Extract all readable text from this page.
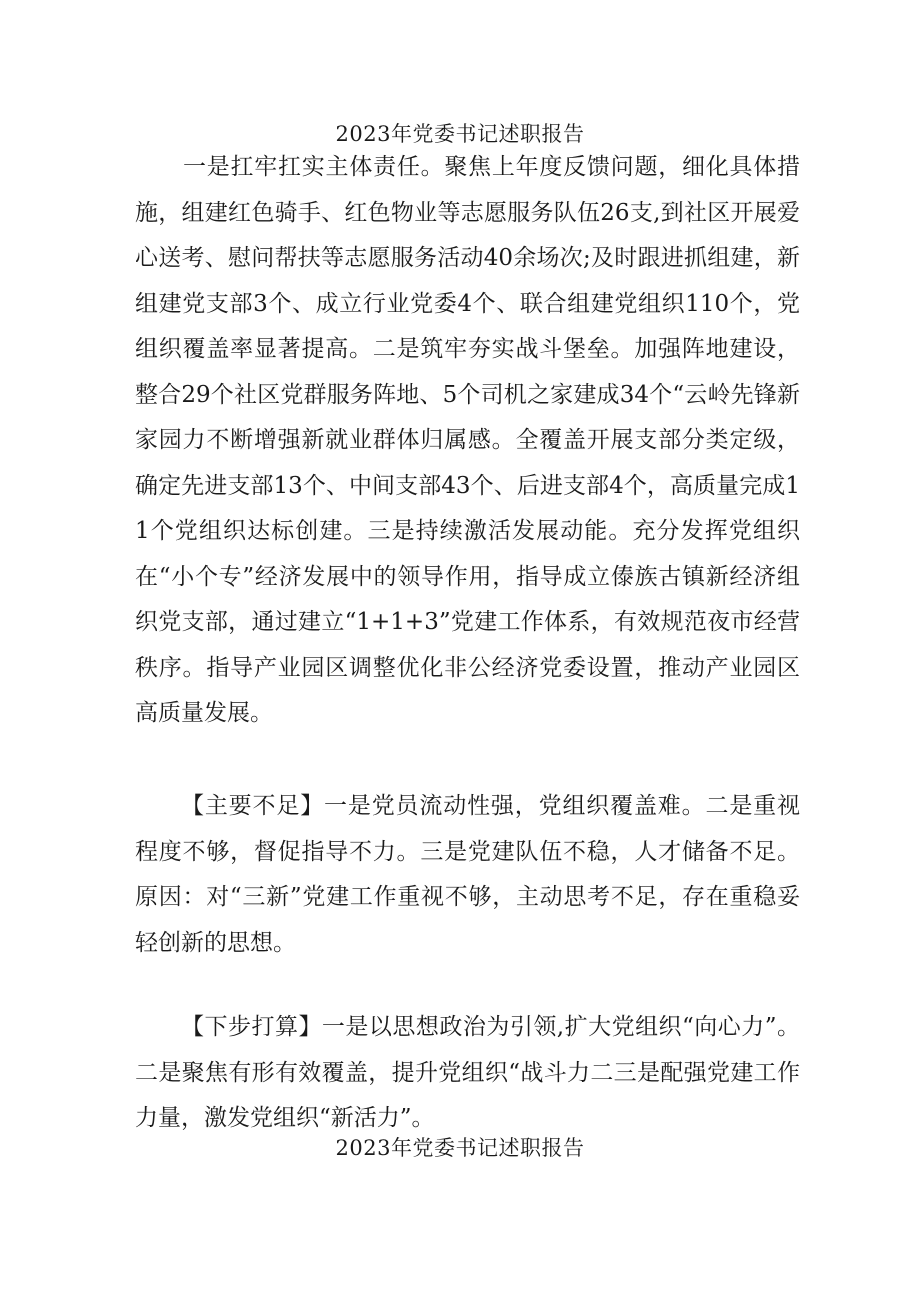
2023年党委书记述职报告

一是扛牢扛实主体责任。聚焦上年度反馈问题，细化具体措施，组建红色骑手、红色物业等志愿服务队伍26支,到社区开展爱心送考、慰问帮扶等志愿服务活动40余场次;及时跟进抓组建，新组建党支部3个、成立行业党委4个、联合组建党组织110个，党组织覆盖率显著提高。二是筑牢夯实战斗堡垒。加强阵地建设，整合29个社区党群服务阵地、5个司机之家建成34个“云岭先锋新家园力不断增强新就业群体归属感。全覆盖开展支部分类定级，确定先进支部13个、中间支部43个、后进支部4个，高质量完成11个党组织达标创建。三是持续激活发展动能。充分发挥党组织在“小个专”经济发展中的领导作用，指导成立傣族古镇新经济组织党支部，通过建立“1+1+3”党建工作体系，有效规范夜市经营秩序。指导产业园区调整优化非公经济党委设置，推动产业园区高质量发展。

【主要不足】一是党员流动性强，党组织覆盖难。二是重视程度不够，督促指导不力。三是党建队伍不稳，人才储备不足。原因：对“三新”党建工作重视不够，主动思考不足，存在重稳妥轻创新的思想。

【下步打算】一是以思想政治为引领,扩大党组织“向心力”。二是聚焦有形有效覆盖，提升党组织“战斗力二三是配强党建工作力量，激发党组织“新活力”。

2023年党委书记述职报告
